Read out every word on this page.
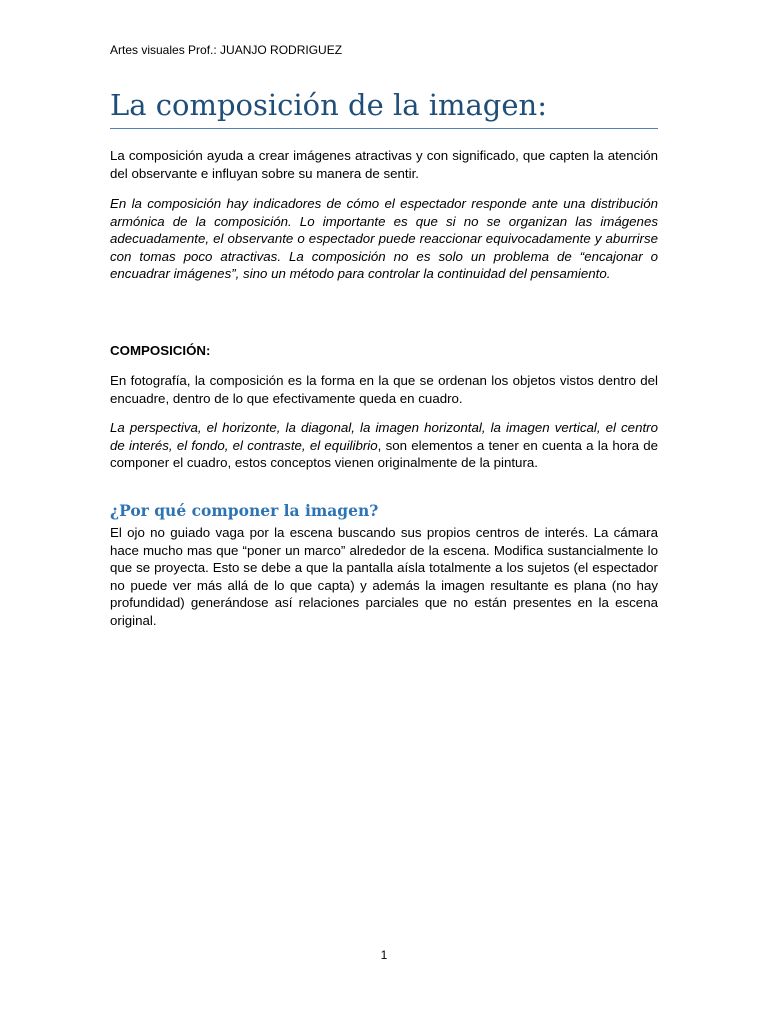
Artes visuales Prof.: JUANJO RODRIGUEZ
La composición de la imagen:

La composición ayuda a crear imágenes atractivas y con significado, que capten la atención del observante e influyan sobre su manera de sentir.

En la composición hay indicadores de cómo el espectador responde ante una distribución armónica de la composición. Lo importante es que si no se organizan las imágenes adecuadamente, el observante o espectador puede reaccionar equivocadamente y aburrirse con tomas poco atractivas. La composición no es solo un problema de “encajonar o encuadrar imágenes”, sino un método para controlar la continuidad del pensamiento.

COMPOSICIÓN:

En fotografía, la composición es la forma en la que se ordenan los objetos vistos dentro del encuadre, dentro de lo que efectivamente queda en cuadro.

La perspectiva, el horizonte, la diagonal, la imagen horizontal, la imagen vertical, el centro de interés, el fondo, el contraste, el equilibrio, son elementos a tener en cuenta a la hora de componer el cuadro, estos conceptos vienen originalmente de la pintura.

¿Por qué componer la imagen?

El ojo no guiado vaga por la escena buscando sus propios centros de interés. La cámara hace mucho mas que “poner un marco” alrededor de la escena. Modifica sustancialmente lo que se proyecta. Esto se debe a que la pantalla aísla totalmente a los sujetos (el espectador no puede ver más allá de lo que capta) y además la imagen resultante es plana (no hay profundidad) generándose así relaciones parciales que no están presentes en la escena original.

1
